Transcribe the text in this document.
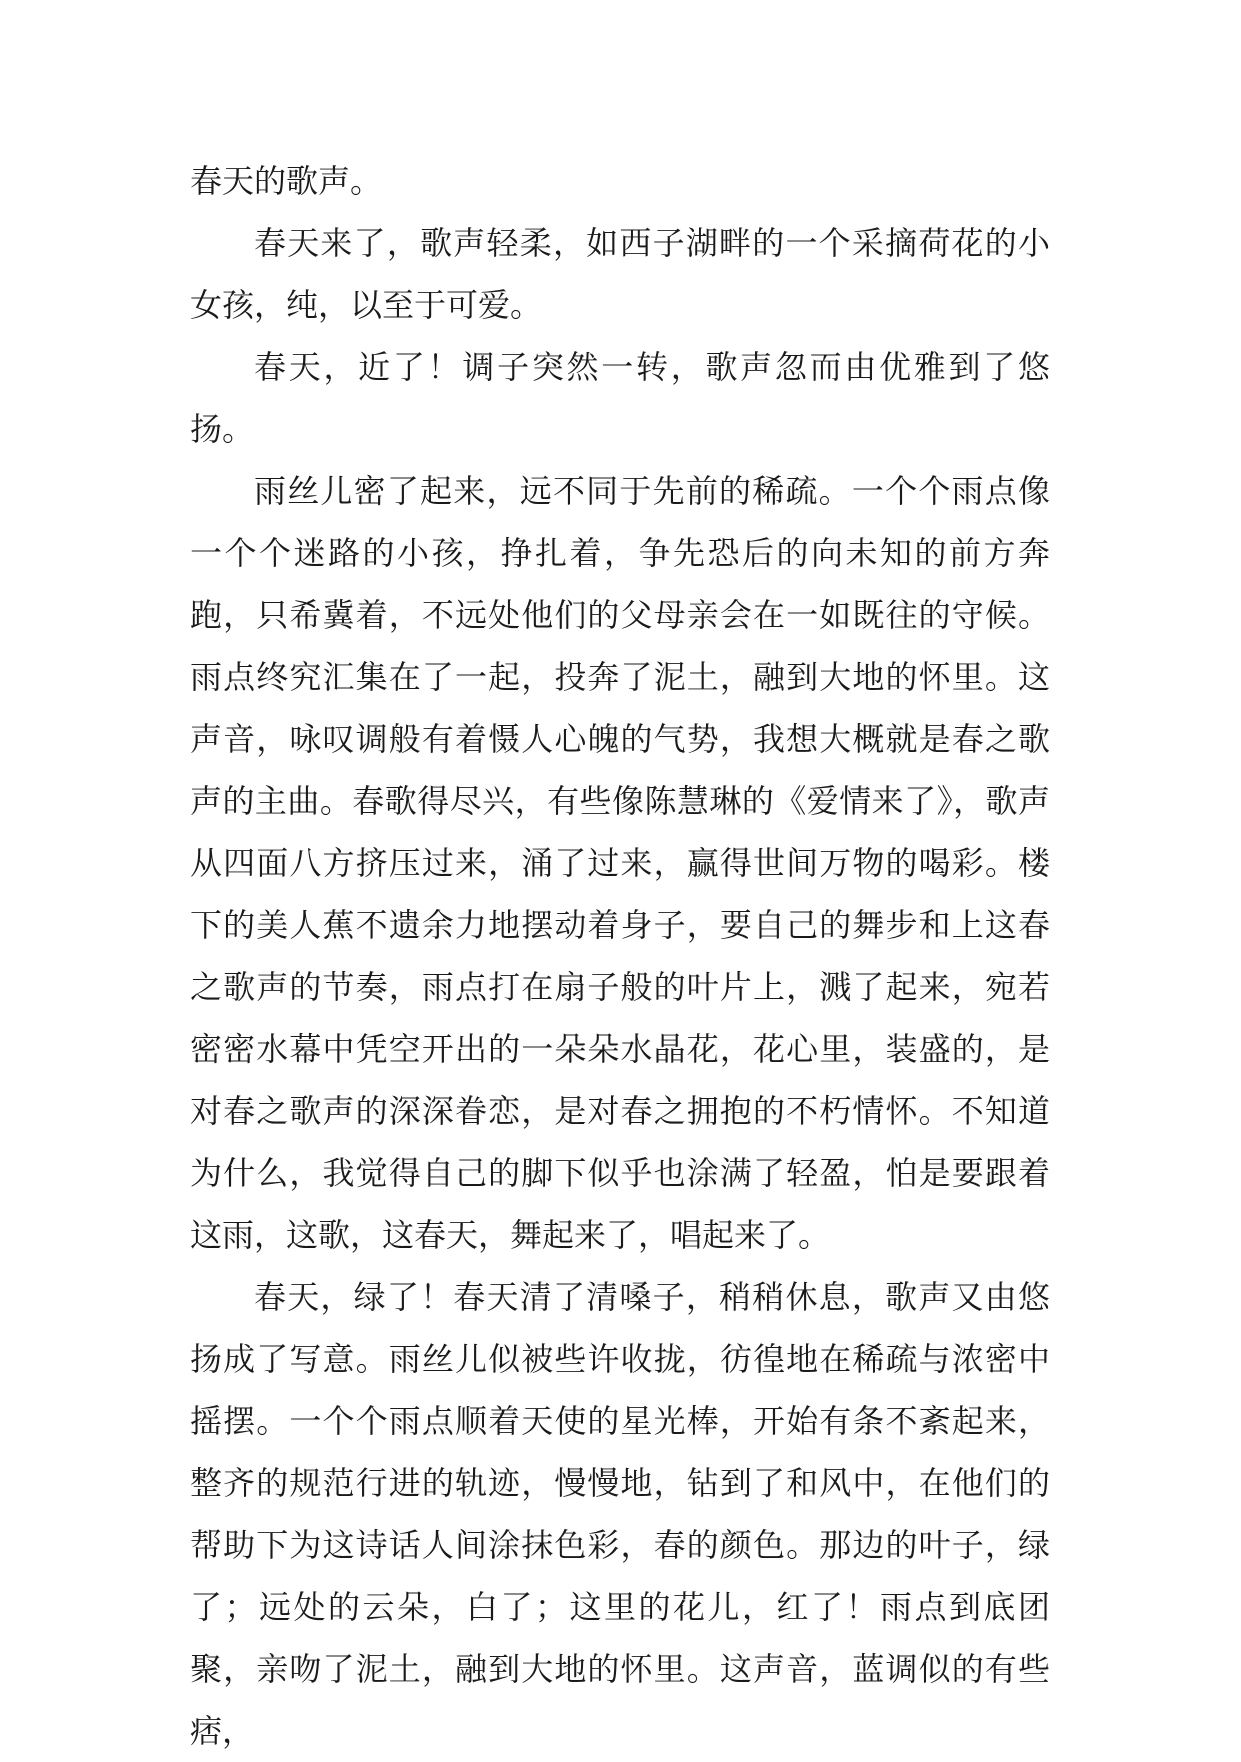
春天的歌声。

春天来了，歌声轻柔，如西子湖畔的一个采摘荷花的小女孩，纯，以至于可爱。

春天，近了！调子突然一转，歌声忽而由优雅到了悠扬。

雨丝儿密了起来，远不同于先前的稀疏。一个个雨点像一个个迷路的小孩，挣扎着，争先恐后的向未知的前方奔跑，只希冀着，不远处他们的父母亲会在一如既往的守候。雨点终究汇集在了一起，投奔了泥土，融到大地的怀里。这声音，咏叹调般有着慑人心魄的气势，我想大概就是春之歌声的主曲。春歌得尽兴，有些像陈慧琳的《爱情来了》，歌声从四面八方挤压过来，涌了过来，赢得世间万物的喝彩。楼下的美人蕉不遗余力地摆动着身子，要自己的舞步和上这春之歌声的节奏，雨点打在扇子般的叶片上，溅了起来，宛若密密水幕中凭空开出的一朵朵水晶花，花心里，装盛的，是对春之歌声的深深眷恋，是对春之拥抱的不朽情怀。不知道为什么，我觉得自己的脚下似乎也涂满了轻盈，怕是要跟着这雨，这歌，这春天，舞起来了，唱起来了。

春天，绿了！春天清了清嗓子，稍稍休息，歌声又由悠扬成了写意。雨丝儿似被些许收拢，彷徨地在稀疏与浓密中摇摆。一个个雨点顺着天使的星光棒，开始有条不紊起来，整齐的规范行进的轨迹，慢慢地，钻到了和风中，在他们的帮助下为这诗话人间涂抹色彩，春的颜色。那边的叶子，绿了；远处的云朵，白了；这里的花儿，红了！雨点到底团聚，亲吻了泥土，融到大地的怀里。这声音，蓝调似的有些痞，
